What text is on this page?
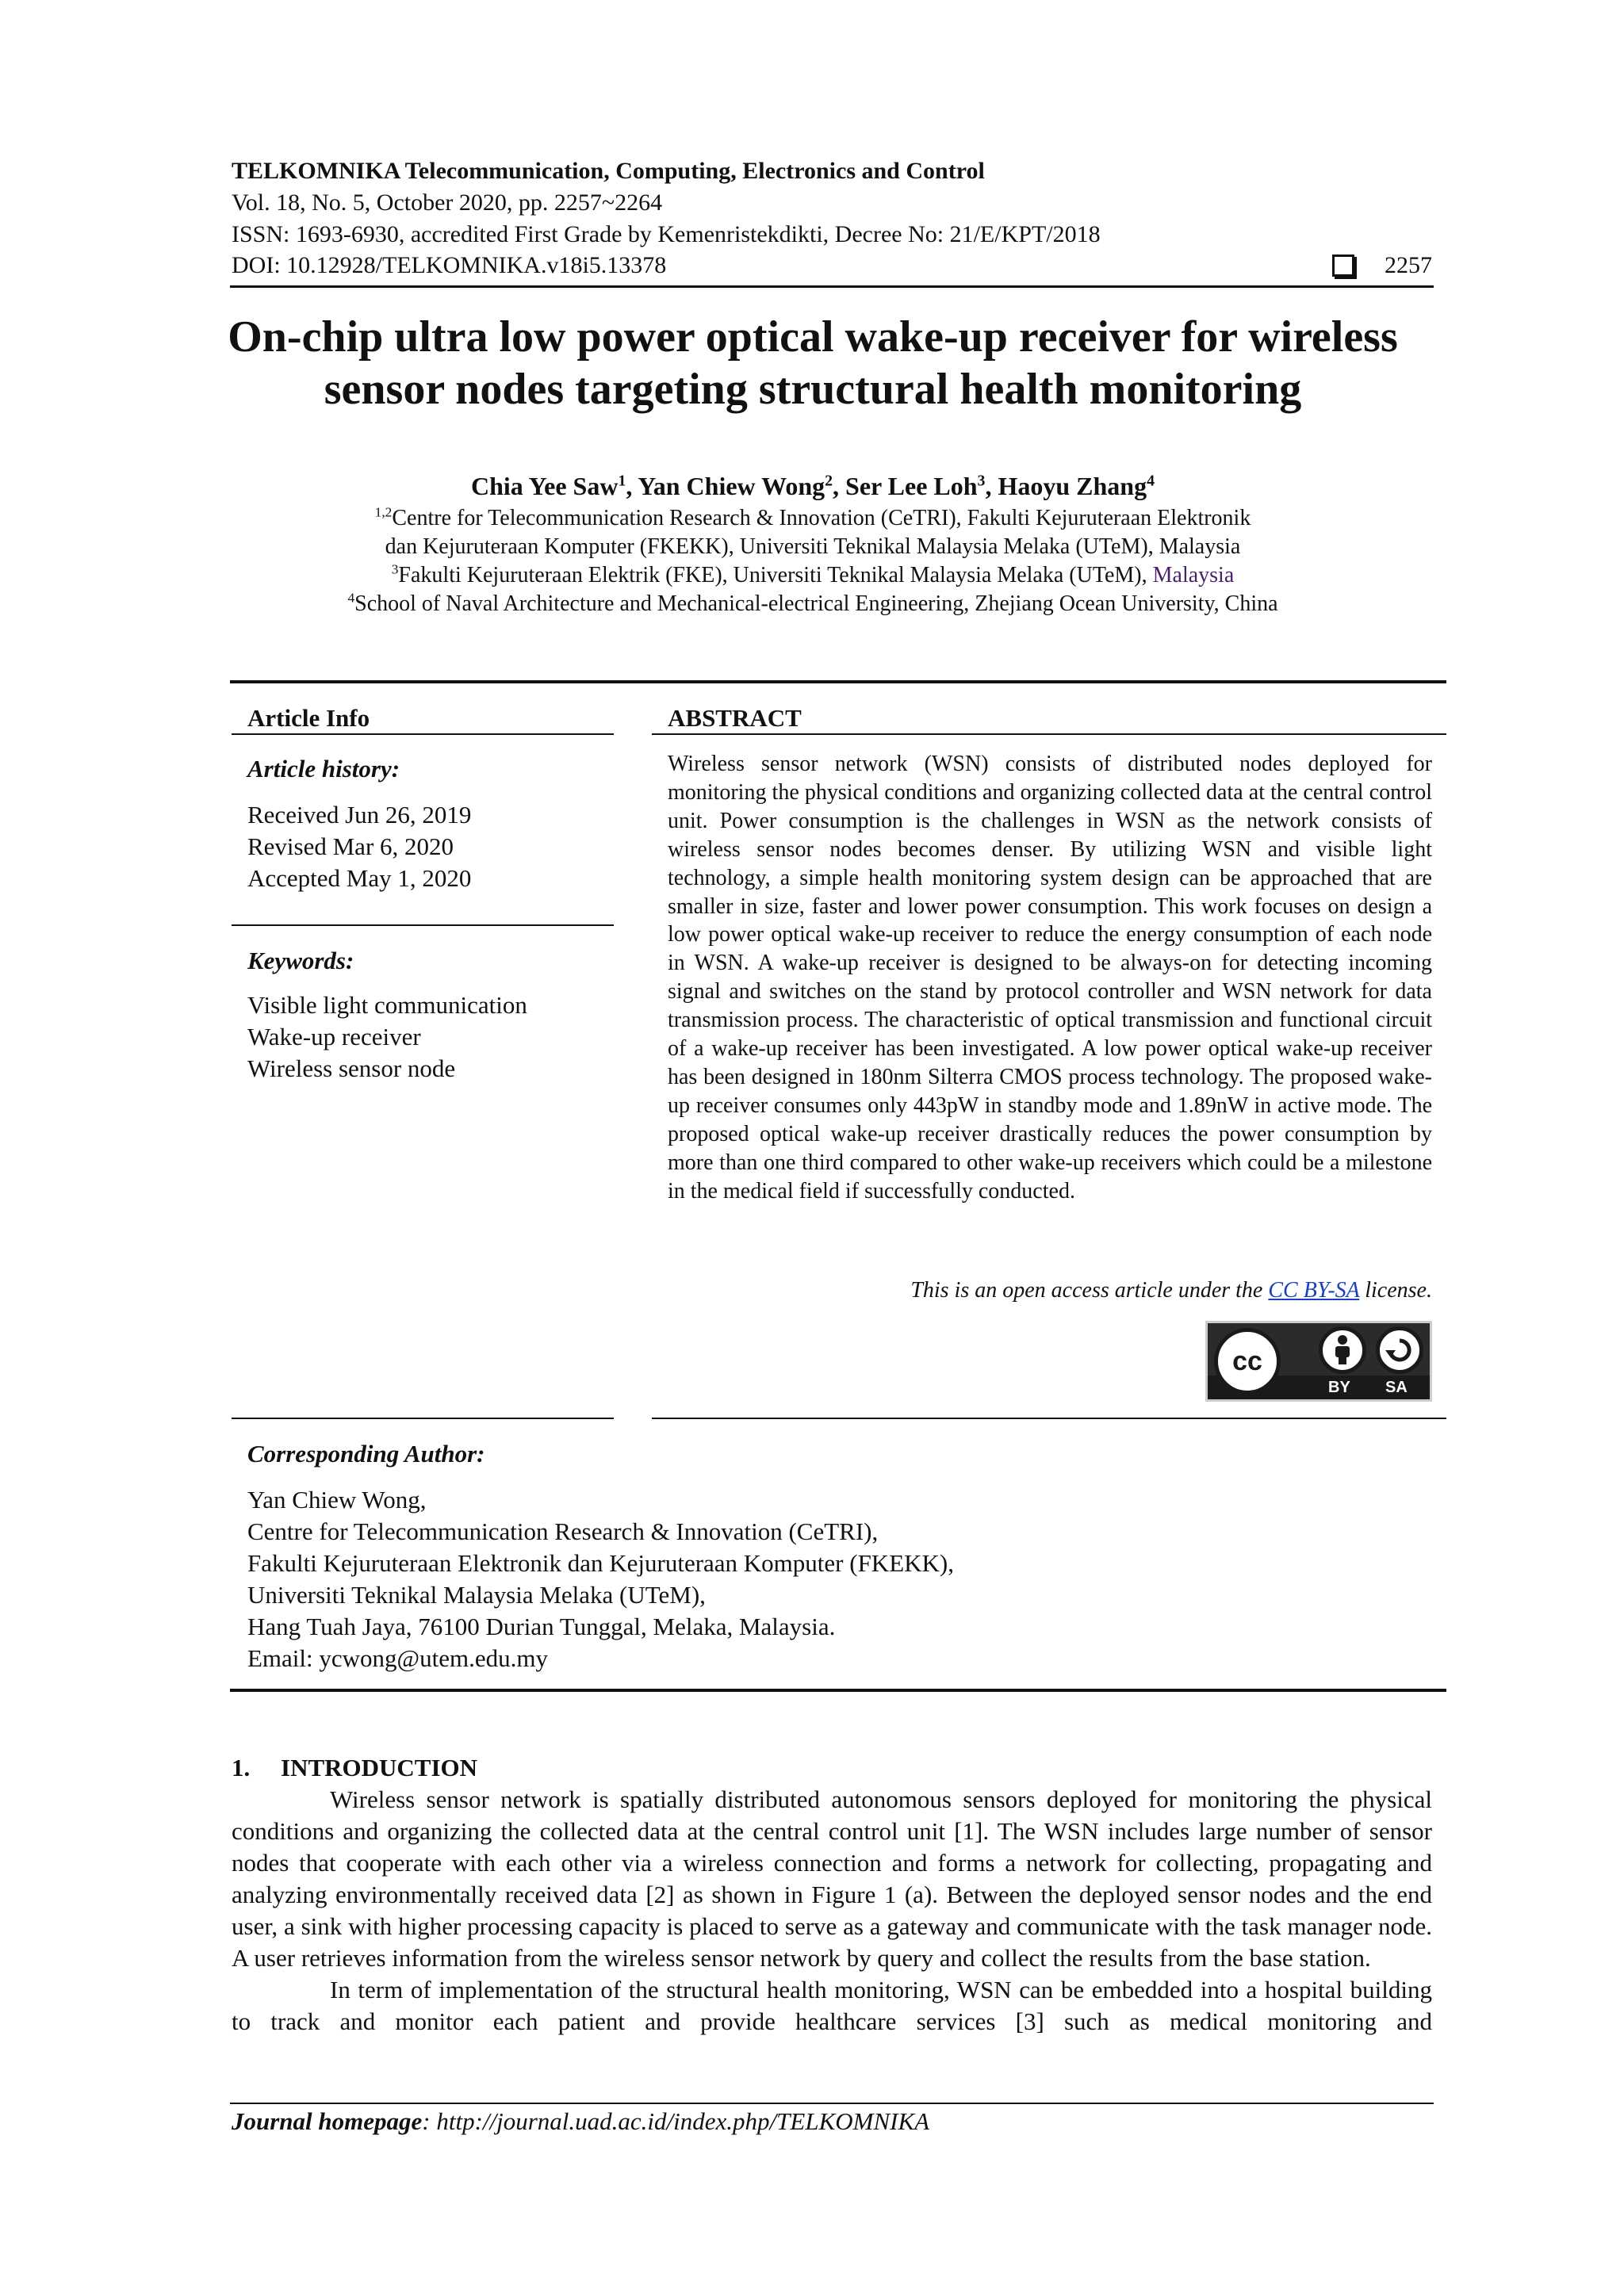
TELKOMNIKA Telecommunication, Computing, Electronics and Control
Vol. 18, No. 5, October 2020, pp. 2257~2264
ISSN: 1693-6930, accredited First Grade by Kemenristekdikti, Decree No: 21/E/KPT/2018
DOI: 10.12928/TELKOMNIKA.v18i5.13378	2257
On-chip ultra low power optical wake-up receiver for wireless
sensor nodes targeting structural health monitoring
Chia Yee Saw$^1$, Yan Chiew Wong$^2$, Ser Lee Loh$^3$, Haoyu Zhang$^4$
$^{1,2}$Centre for Telecommunication Research & Innovation (CeTRI), Fakulti Kejuruteraan Elektronik
dan Kejuruteraan Komputer (FKEKK), Universiti Teknikal Malaysia Melaka (UTeM), Malaysia
$^3$Fakulti Kejuruteraan Elektrik (FKE), Universiti Teknikal Malaysia Melaka (UTeM), Malaysia
$^4$School of Naval Architecture and Mechanical-electrical Engineering, Zhejiang Ocean University, China
Article Info
Article history:
Received Jun 26, 2019
Revised Mar 6, 2020
Accepted May 1, 2020
Keywords:
Visible light communication
Wake-up receiver
Wireless sensor node
ABSTRACT
Wireless sensor network (WSN) consists of distributed nodes deployed for monitoring the physical conditions and organizing collected data at the central control unit. Power consumption is the challenges in WSN as the network consists of wireless sensor nodes becomes denser. By utilizing WSN and visible light technology, a simple health monitoring system design can be approached that are smaller in size, faster and lower power consumption. This work focuses on design a low power optical wake-up receiver to reduce the energy consumption of each node in WSN. A wake-up receiver is designed to be always-on for detecting incoming signal and switches on the stand by protocol controller and WSN network for data transmission process. The characteristic of optical transmission and functional circuit of a wake-up receiver has been investigated. A low power optical wake-up receiver has been designed in 180nm Silterra CMOS process technology. The proposed wake-up receiver consumes only 443pW in standby mode and 1.89nW in active mode. The proposed optical wake-up receiver drastically reduces the power consumption by more than one third compared to other wake-up receivers which could be a milestone in the medical field if successfully conducted.
This is an open access article under the CC BY-SA license.
cc
BY SA
Corresponding Author:
Yan Chiew Wong,
Centre for Telecommunication Research & Innovation (CeTRI),
Fakulti Kejuruteraan Elektronik dan Kejuruteraan Komputer (FKEKK),
Universiti Teknikal Malaysia Melaka (UTeM),
Hang Tuah Jaya, 76100 Durian Tunggal, Melaka, Malaysia.
Email: ycwong@utem.edu.my
1.     INTRODUCTION

Wireless sensor network is spatially distributed autonomous sensors deployed for monitoring the physical conditions and organizing the collected data at the central control unit [1]. The WSN includes large number of sensor nodes that cooperate with each other via a wireless connection and forms a network for collecting, propagating and analyzing environmentally received data [2] as shown in Figure 1 (a). Between the deployed sensor nodes and the end user, a sink with higher processing capacity is placed to serve as a gateway and communicate with the task manager node. A user retrieves information from the wireless sensor network by query and collect the results from the base station.

In term of implementation of the structural health monitoring, WSN can be embedded into a hospital building to track and monitor each patient and provide healthcare services [3] such as medical monitoring and

Journal homepage: http://journal.uad.ac.id/index.php/TELKOMNIKA
